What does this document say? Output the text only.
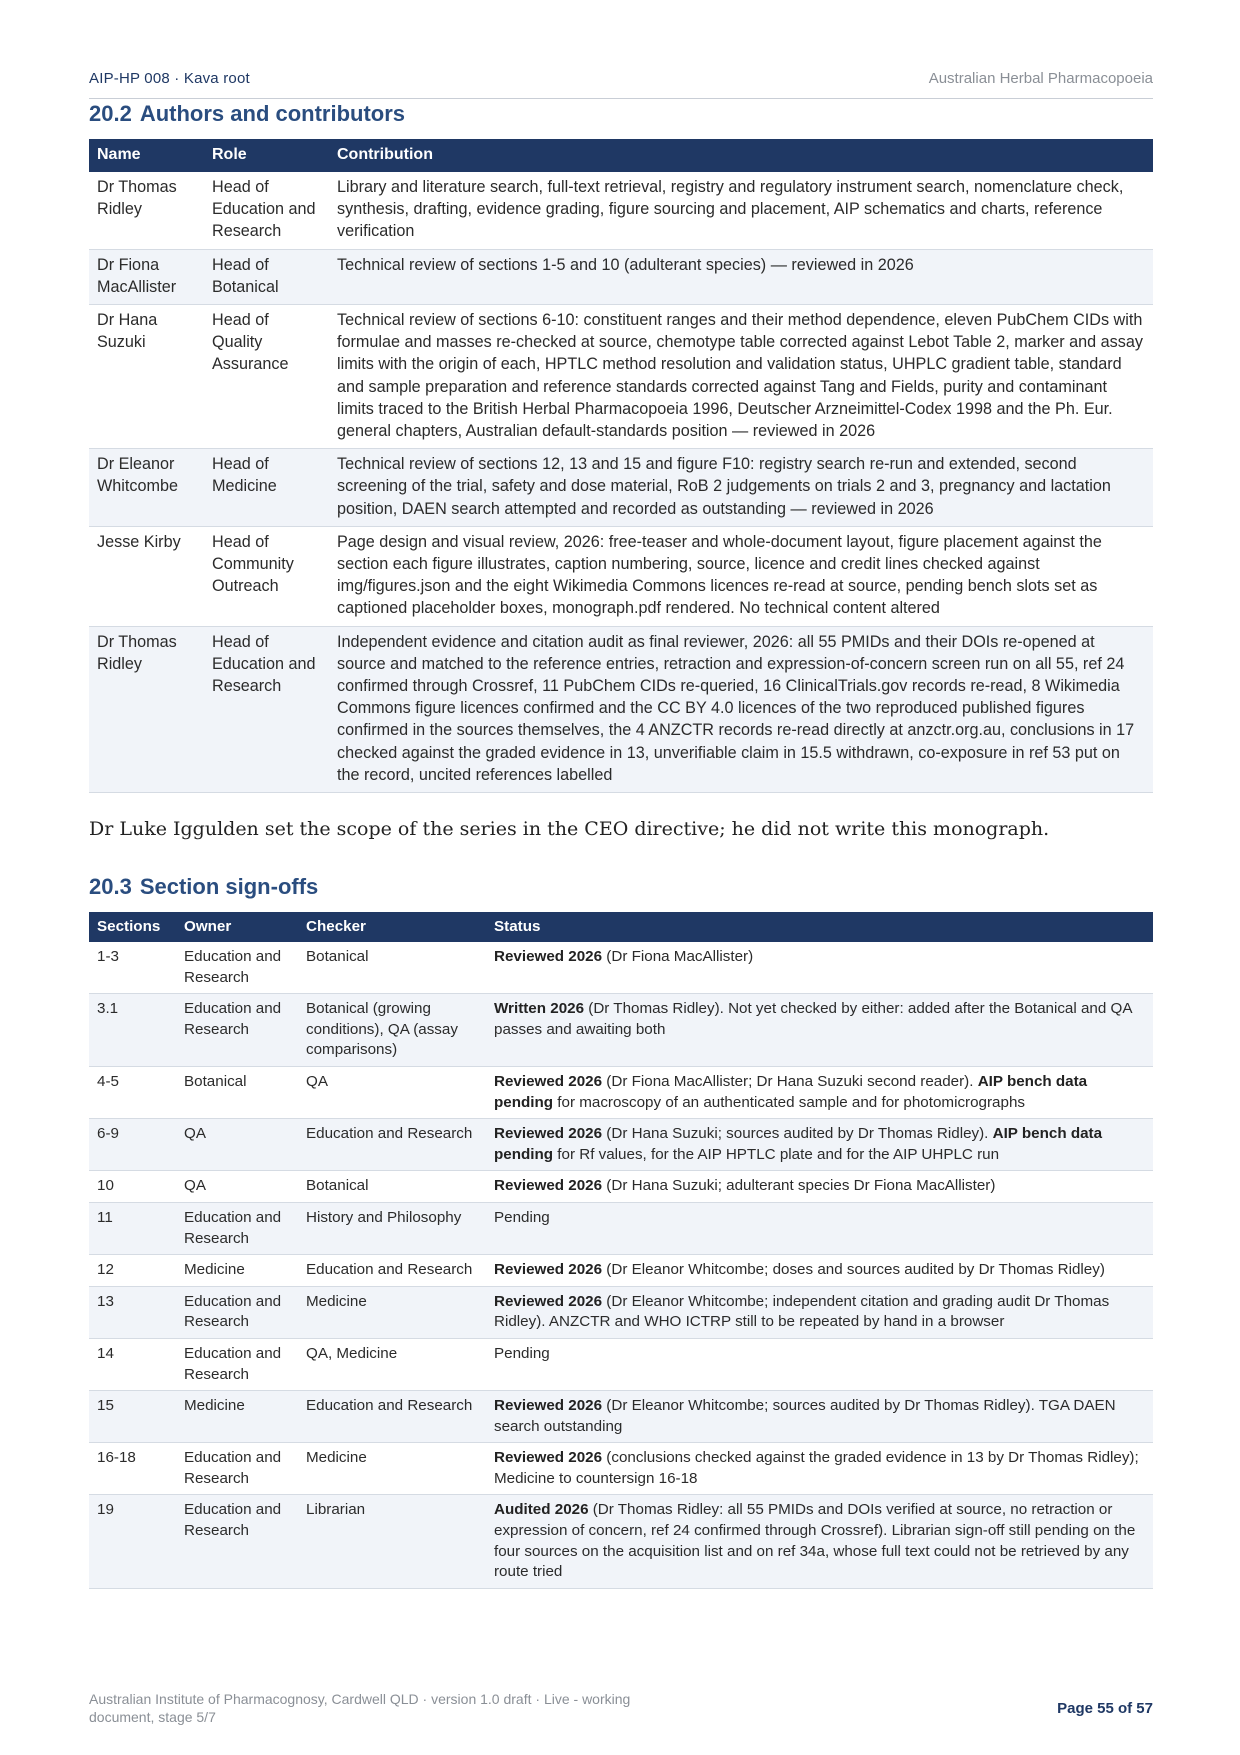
AIP-HP 008 · Kava root	Australian Herbal Pharmacopoeia
20.2 Authors and contributors
Name	Role	Contribution
Dr Thomas Ridley	Head of Education and Research	Library and literature search, full-text retrieval, registry and regulatory instrument search, nomenclature check, synthesis, drafting, evidence grading, figure sourcing and placement, AIP schematics and charts, reference verification
Dr Fiona MacAllister	Head of Botanical	Technical review of sections 1-5 and 10 (adulterant species) — reviewed in 2026
Dr Hana Suzuki	Head of Quality Assurance	Technical review of sections 6-10: constituent ranges and their method dependence, eleven PubChem CIDs with formulae and masses re-checked at source, chemotype table corrected against Lebot Table 2, marker and assay limits with the origin of each, HPTLC method resolution and validation status, UHPLC gradient table, standard and sample preparation and reference standards corrected against Tang and Fields, purity and contaminant limits traced to the British Herbal Pharmacopoeia 1996, Deutscher Arzneimittel-Codex 1998 and the Ph. Eur. general chapters, Australian default-standards position — reviewed in 2026
Dr Eleanor Whitcombe	Head of Medicine	Technical review of sections 12, 13 and 15 and figure F10: registry search re-run and extended, second screening of the trial, safety and dose material, RoB 2 judgements on trials 2 and 3, pregnancy and lactation position, DAEN search attempted and recorded as outstanding — reviewed in 2026
Jesse Kirby	Head of Community Outreach	Page design and visual review, 2026: free-teaser and whole-document layout, figure placement against the section each figure illustrates, caption numbering, source, licence and credit lines checked against img/figures.json and the eight Wikimedia Commons licences re-read at source, pending bench slots set as captioned placeholder boxes, monograph.pdf rendered. No technical content altered
Dr Thomas Ridley	Head of Education and Research	Independent evidence and citation audit as final reviewer, 2026: all 55 PMIDs and their DOIs re-opened at source and matched to the reference entries, retraction and expression-of-concern screen run on all 55, ref 24 confirmed through Crossref, 11 PubChem CIDs re-queried, 16 ClinicalTrials.gov records re-read, 8 Wikimedia Commons figure licences confirmed and the CC BY 4.0 licences of the two reproduced published figures confirmed in the sources themselves, the 4 ANZCTR records re-read directly at anzctr.org.au, conclusions in 17 checked against the graded evidence in 13, unverifiable claim in 15.5 withdrawn, co-exposure in ref 53 put on the record, uncited references labelled
Dr Luke Iggulden set the scope of the series in the CEO directive; he did not write this monograph.
20.3 Section sign-offs
Sections	Owner	Checker	Status
1-3	Education and Research	Botanical	Reviewed 2026 (Dr Fiona MacAllister)
3.1	Education and Research	Botanical (growing conditions), QA (assay comparisons)	Written 2026 (Dr Thomas Ridley). Not yet checked by either: added after the Botanical and QA passes and awaiting both
4-5	Botanical	QA	Reviewed 2026 (Dr Fiona MacAllister; Dr Hana Suzuki second reader). AIP bench data pending for macroscopy of an authenticated sample and for photomicrographs
6-9	QA	Education and Research	Reviewed 2026 (Dr Hana Suzuki; sources audited by Dr Thomas Ridley). AIP bench data pending for Rf values, for the AIP HPTLC plate and for the AIP UHPLC run
10	QA	Botanical	Reviewed 2026 (Dr Hana Suzuki; adulterant species Dr Fiona MacAllister)
11	Education and Research	History and Philosophy	Pending
12	Medicine	Education and Research	Reviewed 2026 (Dr Eleanor Whitcombe; doses and sources audited by Dr Thomas Ridley)
13	Education and Research	Medicine	Reviewed 2026 (Dr Eleanor Whitcombe; independent citation and grading audit Dr Thomas Ridley). ANZCTR and WHO ICTRP still to be repeated by hand in a browser
14	Education and Research	QA, Medicine	Pending
15	Medicine	Education and Research	Reviewed 2026 (Dr Eleanor Whitcombe; sources audited by Dr Thomas Ridley). TGA DAEN search outstanding
16-18	Education and Research	Medicine	Reviewed 2026 (conclusions checked against the graded evidence in 13 by Dr Thomas Ridley); Medicine to countersign 16-18
19	Education and Research	Librarian	Audited 2026 (Dr Thomas Ridley: all 55 PMIDs and DOIs verified at source, no retraction or expression of concern, ref 24 confirmed through Crossref). Librarian sign-off still pending on the four sources on the acquisition list and on ref 34a, whose full text could not be retrieved by any route tried
Australian Institute of Pharmacognosy, Cardwell QLD · version 1.0 draft · Live - working document, stage 5/7	Page 55 of 57
